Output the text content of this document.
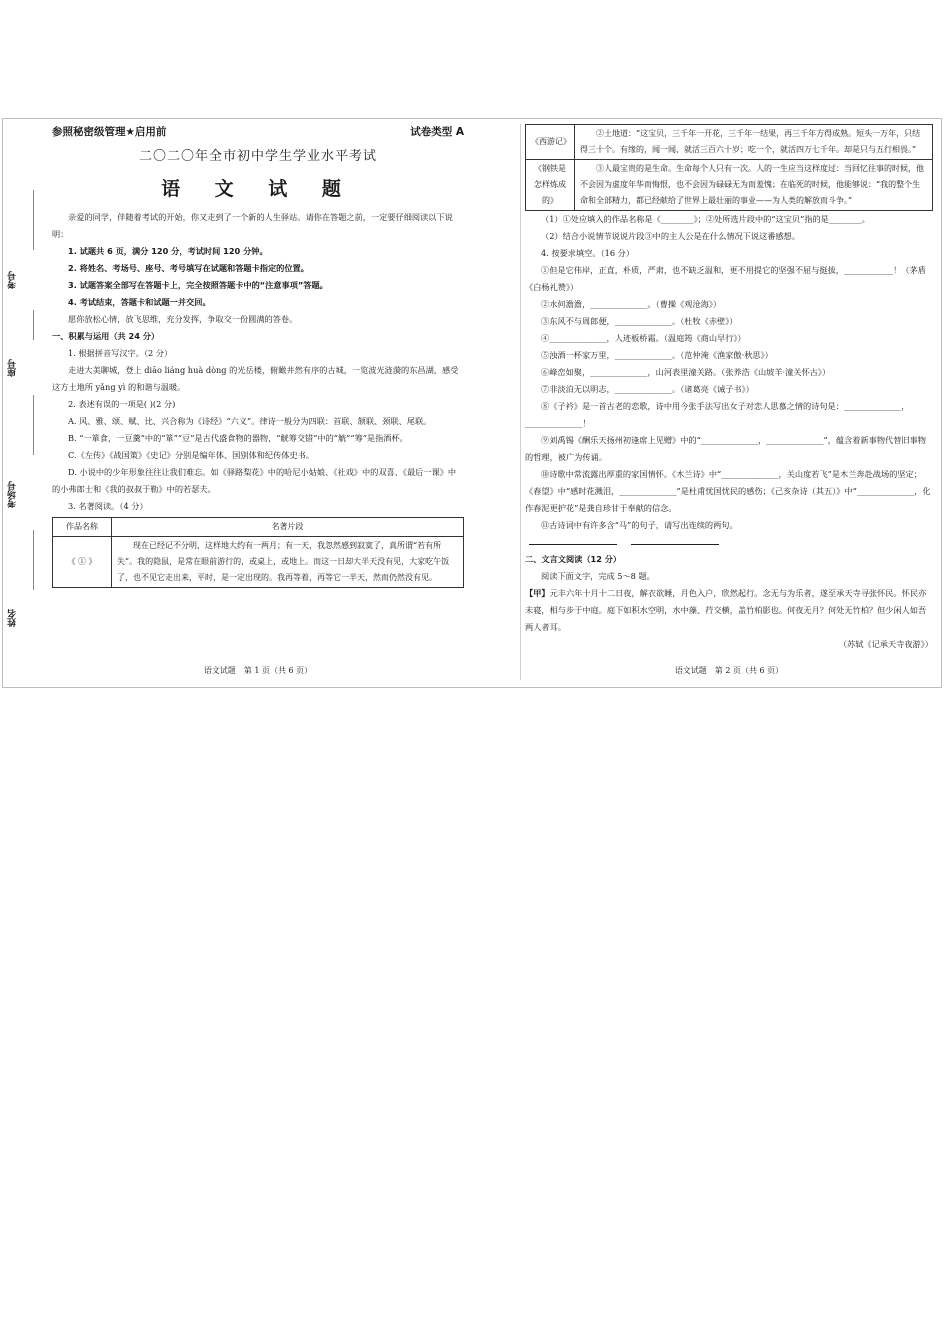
考号
座号
考场号
姓名
参照秘密级管理★启用前	试卷类型 A
二〇二〇年全市初中学生学业水平考试
语 文 试 题

亲爱的同学，伴随着考试的开始，你又走到了一个新的人生驿站。请你在答题之前，一定要仔细阅读以下说明：

1. 试题共 6 页，满分 120 分，考试时间 120 分钟。

2. 将姓名、考场号、座号、考号填写在试题和答题卡指定的位置。

3. 试题答案全部写在答题卡上，完全按照答题卡中的“注意事项”答题。

4. 考试结束，答题卡和试题一并交回。

愿你放松心情，放飞思维，充分发挥，争取交一份圆满的答卷。

一、积累与运用（共 24 分）

1. 根据拼音写汉字。（2 分）

走进大美聊城，登上 diāo liáng huà dòng 的光岳楼，俯瞰井然有序的古城，一览波光涟漪的东昌湖，感受这方土地所 yǎng yì 的和谐与温暖。

2. 表述有误的一项是( )(2 分)

A. 风、雅、颂、赋、比、兴合称为《诗经》“六义”。律诗一般分为四联：首联、颔联、颈联、尾联。

B. “一箪食，一豆羹”中的“箪”“豆”是古代盛食物的器物，“觥筹交错”中的“觥”“筹”是指酒杯。

C.《左传》《战国策》《史记》分别是编年体、国别体和纪传体史书。

D. 小说中的少年形象往往让我们难忘。如《驿路梨花》中的哈尼小姑娘、《社戏》中的双喜、《最后一课》中的小弗郎士和《我的叔叔于勒》中的若瑟夫。

3. 名著阅读。（4 分）

作品名称	名著片段
《 ① 》	现在已经记不分明，这样地大约有一两月；有一天，我忽然感到寂寞了，真所谓“若有所失”。我的隐鼠，是常在眼前游行的，或桌上，或地上。而这一日却大半天没有见，大家吃午饭了，也不见它走出来，平时，是一定出现的。我再等着，再等它一半天，然而仍然没有见。
语文试题　第 1 页（共 6 页）
《西游记》	②土地道：“这宝贝，三千年一开花，三千年一结果，再三千年方得成熟。短头一万年，只结得三十个。有缘的，闻一闻，就活三百六十岁；吃一个，就活四万七千年。却是只与五行相畏。”
《钢铁是怎样炼成的》	③人最宝贵的是生命。生命每个人只有一次。人的一生应当这样度过：当回忆往事的时候，他不会因为虚度年华而悔恨，也不会因为碌碌无为而羞愧；在临死的时候，他能够说：“我的整个生命和全部精力，都已经献给了世界上最壮丽的事业——为人类的解放而斗争。”

（1）①处应填入的作品名称是《________》；②处所选片段中的“这宝贝”指的是________。

（2）结合小说情节说说片段③中的主人公是在什么情况下说这番感想。

4. 按要求填空。（16 分）

①但是它伟岸，正直，朴质，严肃，也不缺乏温和，更不用提它的坚强不屈与挺拔，____________！（茅盾《白杨礼赞》）

②水何澹澹，______________。（曹操《观沧海》）

③东风不与周郎便，______________。（杜牧《赤壁》）

④______________，人迹板桥霜。（温庭筠《商山早行》）

⑤浊酒一杯家万里，______________。（范仲淹《渔家傲·秋思》）

⑥峰峦如聚，______________，山河表里潼关路。（张养浩《山坡羊·潼关怀古》）

⑦非淡泊无以明志，______________。（诸葛亮《诫子书》）

⑧《子衿》是一首古老的恋歌，诗中用今张手法写出女子对恋人思慕之情的诗句是：______________，______________！

⑨刘禹锡《酬乐天扬州初逢席上见赠》中的“______________，______________”，蕴含着新事物代替旧事物的哲理，被广为传诵。

⑩诗歌中常流露出厚重的家国情怀。《木兰诗》中“______________，关山度若飞”是木兰奔赴战场的坚定；《春望》中“感时花溅泪，______________”是杜甫忧国忧民的感伤；《己亥杂诗（其五）》中“______________，化作春泥更护花”是龚自珍甘于奉献的信念。

⑪古诗词中有许多含“马”的句子，请写出连续的两句。

二、文言文阅读（12 分）

阅读下面文字，完成 5～8 题。

【甲】元丰六年十月十二日夜，解衣欲睡，月色入户，欣然起行。念无与为乐者，遂至承天寺寻张怀民。怀民亦未寝，相与步于中庭。庭下如积水空明，水中藻、荇交横，盖竹柏影也。何夜无月？何处无竹柏？但少闲人如吾两人者耳。

（苏轼《记承天寺夜游》）

语文试题　第 2 页（共 6 页）
